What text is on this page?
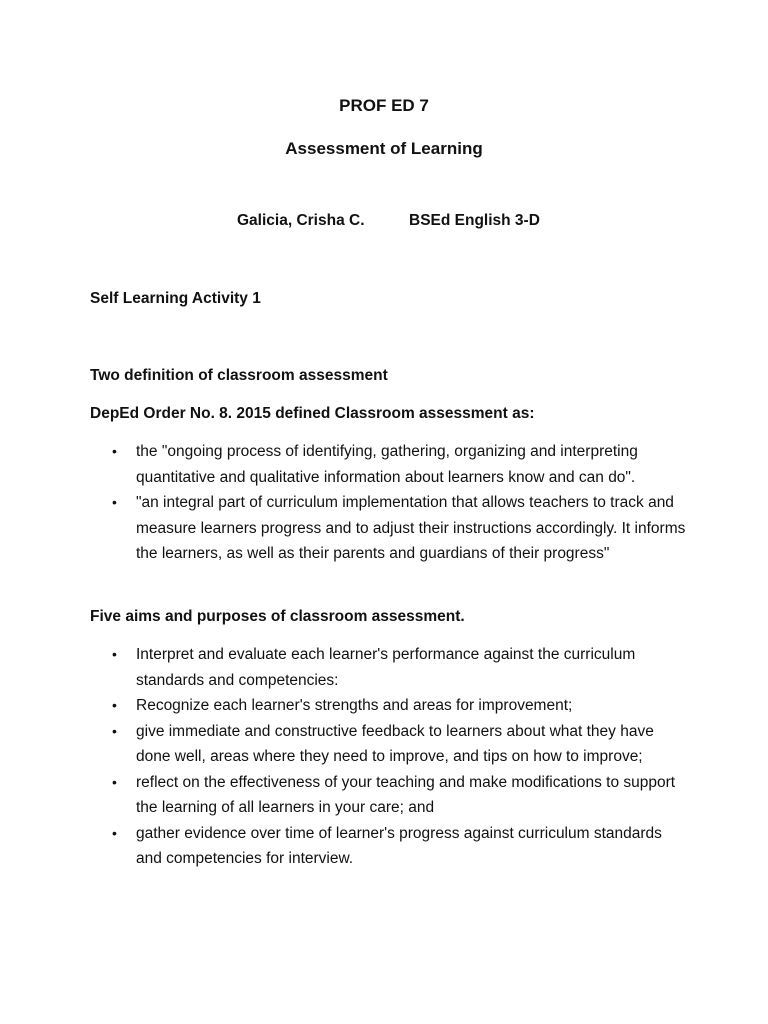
PROF ED 7
Assessment of Learning
Galicia, Crisha C.	BSEd English 3-D

Self Learning Activity 1

Two definition of classroom assessment

DepEd Order No. 8. 2015 defined Classroom assessment as:

• the "ongoing process of identifying, gathering, organizing and interpreting quantitative and qualitative information about learners know and can do".
• "an integral part of curriculum implementation that allows teachers to track and measure learners progress and to adjust their instructions accordingly. It informs the learners, as well as their parents and guardians of their progress"

Five aims and purposes of classroom assessment.

• Interpret and evaluate each learner's performance against the curriculum standards and competencies:
• Recognize each learner's strengths and areas for improvement;
• give immediate and constructive feedback to learners about what they have done well, areas where they need to improve, and tips on how to improve;
• reflect on the effectiveness of your teaching and make modifications to support the learning of all learners in your care; and
• gather evidence over time of learner's progress against curriculum standards and competencies for interview.
